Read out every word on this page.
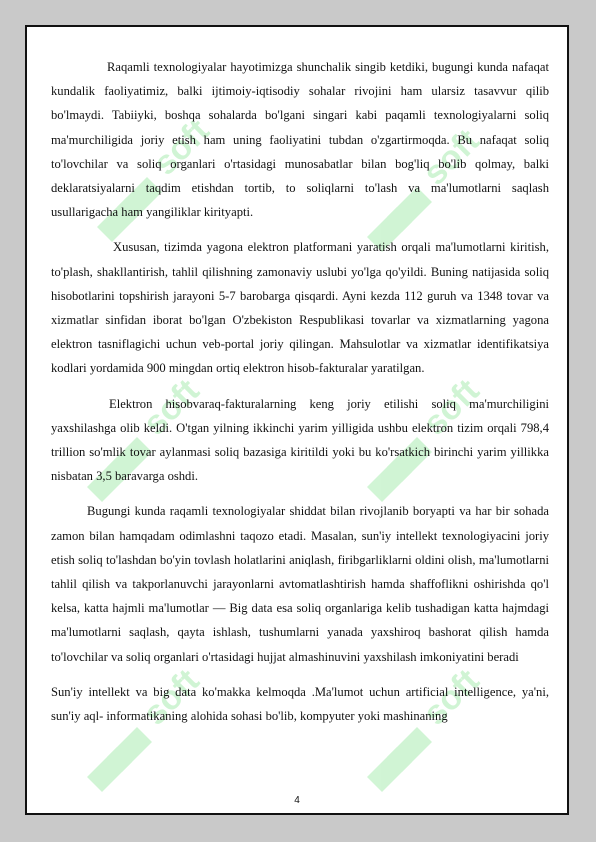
soft	soft
soft	soft
soft	soft

Raqamli texnologiyalar hayotimizga shunchalik singib ketdiki, bugungi kunda nafaqat kundalik faoliyatimiz, balki ijtimoiy-iqtisodiy sohalar rivojini ham ularsiz tasavvur qilib bo'lmaydi. Tabiiyki, boshqa sohalarda bo'lgani singari kabi paqamli texnologiyalarni soliq ma'murchiligida joriy etish ham uning faoliyatini tubdan o'zgartirmoqda. Bu nafaqat soliq to'lovchilar va soliq organlari o'rtasidagi munosabatlar bilan bog'liq bo'lib qolmay, balki deklaratsiyalarni taqdim etishdan tortib, to soliqlarni to'lash va ma'lumotlarni saqlash usullarigacha ham yangiliklar kirityapti.

Xususan, tizimda yagona elektron platformani yaratish orqali ma'lumotlarni kiritish, to'plash, shakllantirish, tahlil qilishning zamonaviy uslubi yo'lga qo'yildi. Buning natijasida soliq hisobotlarini topshirish jarayoni 5-7 barobarga qisqardi. Ayni kezda 112 guruh va 1348 tovar va xizmatlar sinfidan iborat bo'lgan O'zbekiston Respublikasi tovarlar va xizmatlarning yagona elektron tasniflagichi uchun veb-portal joriy qilingan. Mahsulotlar va xizmatlar identifikatsiya kodlari yordamida 900 mingdan ortiq elektron hisob-fakturalar yaratilgan.

Elektron hisobvaraq-fakturalarning keng joriy etilishi soliq ma'murchiligini yaxshilashga olib keldi. O'tgan yilning ikkinchi yarim yilligida ushbu elektron tizim orqali 798,4 trillion so'mlik tovar aylanmasi soliq bazasiga kiritildi yoki bu ko'rsatkich birinchi yarim yillikka nisbatan 3,5 baravarga oshdi.

Bugungi kunda raqamli texnologiyalar shiddat bilan rivojlanib boryapti va har bir sohada zamon bilan hamqadam odimlashni taqozo etadi. Masalan, sun'iy intellekt texnologiyacini joriy etish soliq to'lashdan bo'yin tovlash holatlarini aniqlash, firibgarliklarni oldini olish, ma'lumotlarni tahlil qilish va takporlanuvchi jarayonlarni avtomatlashtirish hamda shaffoflikni oshirishda qo'l kelsa, katta hajmli ma'lumotlar — Big data esa soliq organlariga kelib tushadigan katta hajmdagi ma'lumotlarni saqlash, qayta ishlash, tushumlarni yanada yaxshiroq bashorat qilish hamda to'lovchilar va soliq organlari o'rtasidagi hujjat almashinuvini yaxshilash imkoniyatini beradi

Sun'iy intellekt va big data ko'makka kelmoqda .Ma'lumot uchun artificial intelligence, ya'ni, sun'iy aql- informatikaning alohida sohasi bo'lib, kompyuter yoki mashinaning

4
